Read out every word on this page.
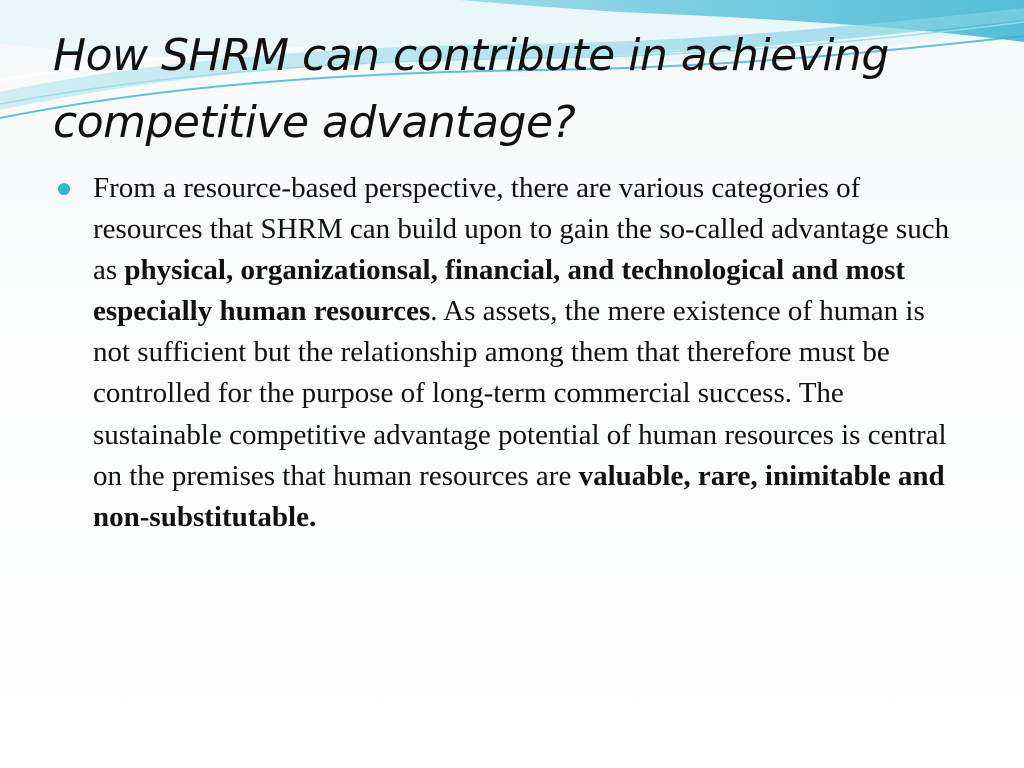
How SHRM can contribute in achieving competitive advantage?

From a resource-based perspective, there are various categories of resources that SHRM can build upon to gain the so-called advantage such as physical, organizationsal, financial, and technological and most especially human resources. As assets, the mere existence of human is not sufficient but the relationship among them that therefore must be controlled for the purpose of long-term commercial success. The sustainable competitive advantage potential of human resources is central on the premises that human resources are valuable, rare, inimitable and non-substitutable.
